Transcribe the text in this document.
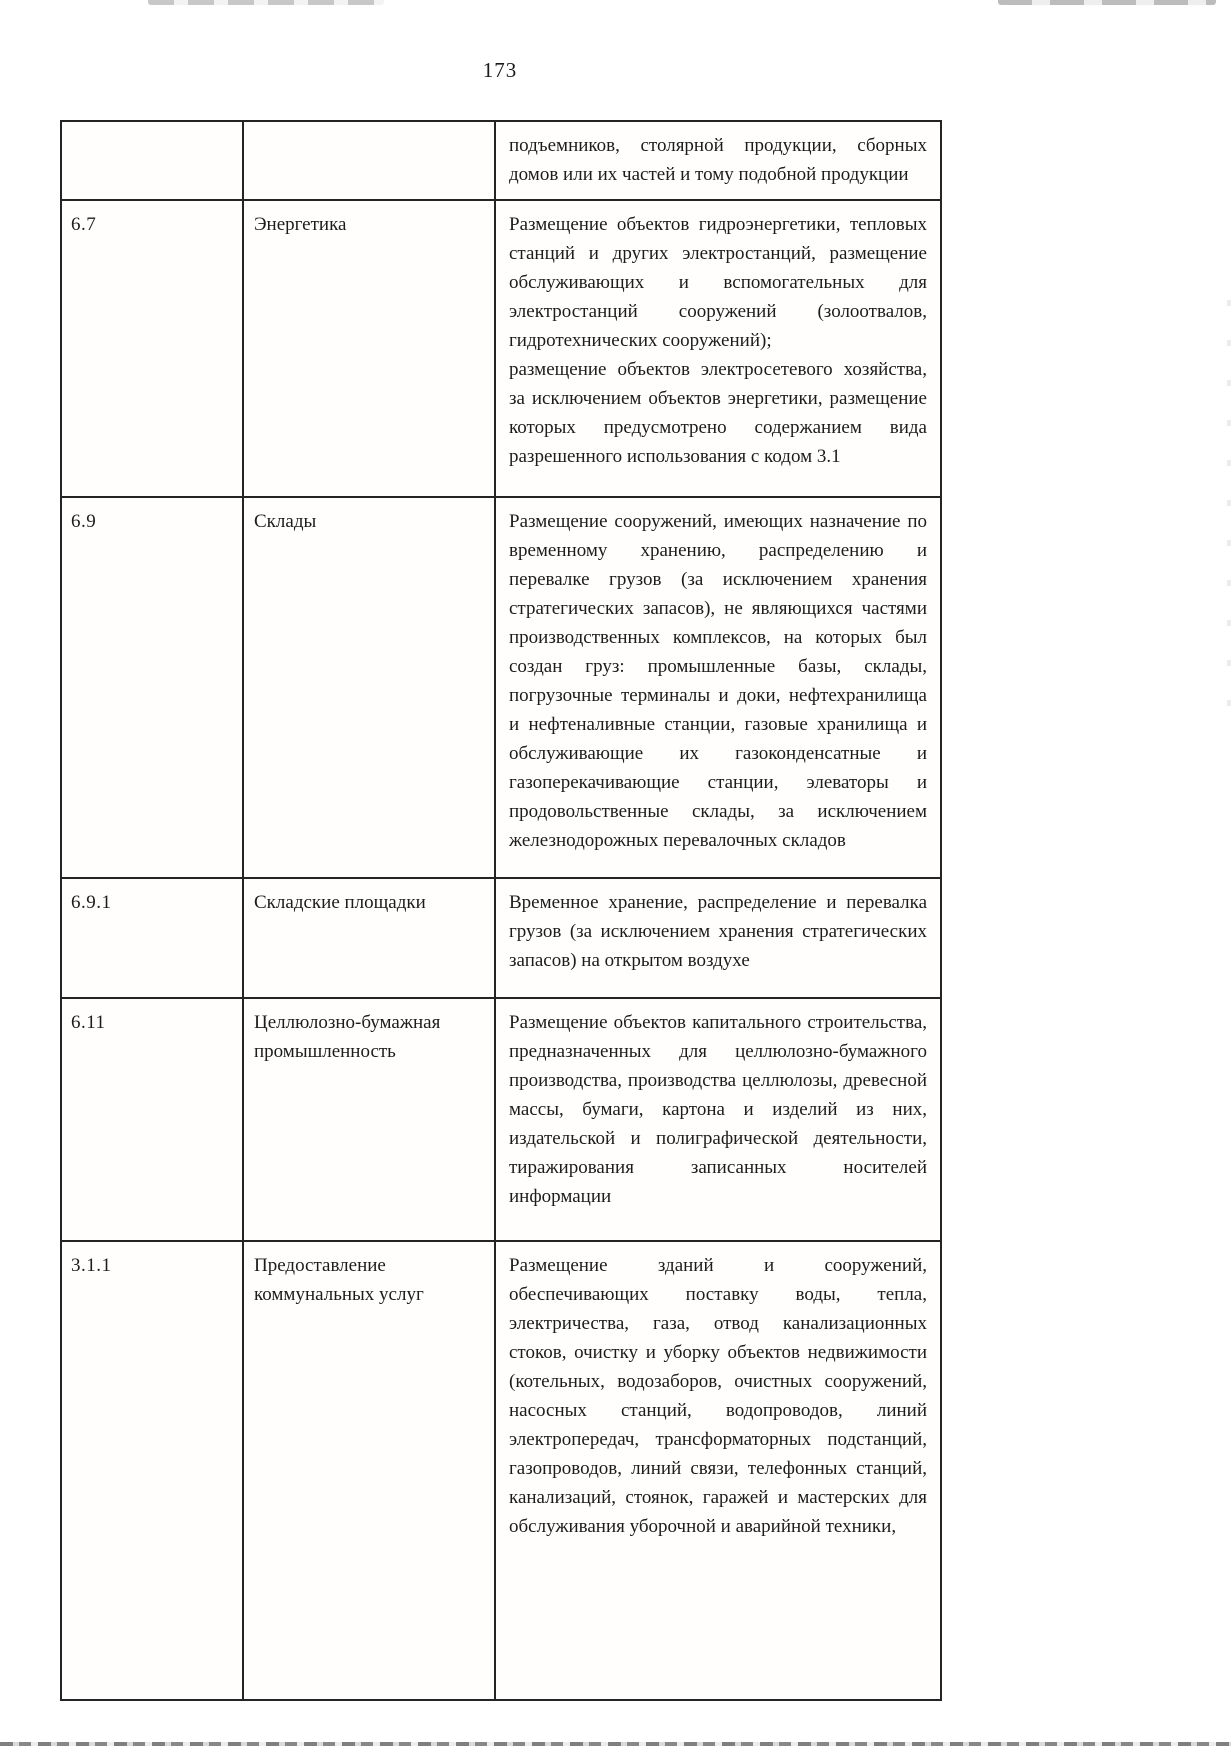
173

		подъемников, столярной продукции, сборных домов или их частей и тому подобной продукции

6.7	Энергетика	Размещение объектов гидроэнергетики, тепловых станций и других электростанций, размещение обслуживающих и вспомогательных для электростанций сооружений (золоотвалов, гидротехнических сооружений);

размещение объектов электросетевого хозяйства, за исключением объектов энергетики, размещение которых предусмотрено содержанием вида разрешенного использования с кодом 3.1

6.9	Склады	Размещение сооружений, имеющих назначение по временному хранению, распределению и перевалке грузов (за исключением хранения стратегических запасов), не являющихся частями производственных комплексов, на которых был создан груз: промышленные базы, склады, погрузочные терминалы и доки, нефтехранилища и нефтеналивные станции, газовые хранилища и обслуживающие их газоконденсатные и газоперекачивающие станции, элеваторы и продовольственные склады, за исключением железнодорожных перевалочных складов

6.9.1	Складские площадки	Временное хранение, распределение и перевалка грузов (за исключением хранения стратегических запасов) на открытом воздухе

6.11	Целлюлозно-бумажная промышленность	Размещение объектов капитального строительства, предназначенных для целлюлозно-бумажного производства, производства целлюлозы, древесной массы, бумаги, картона и изделий из них, издательской и полиграфической деятельности, тиражирования записанных носителей информации

3.1.1	Предоставление коммунальных услуг	Размещение зданий и сооружений, обеспечивающих поставку воды, тепла, электричества, газа, отвод канализационных стоков, очистку и уборку объектов недвижимости (котельных, водозаборов, очистных сооружений, насосных станций, водопроводов, линий электропередач, трансформаторных подстанций, газопроводов, линий связи, телефонных станций, канализаций, стоянок, гаражей и мастерских для обслуживания уборочной и аварийной техники,
